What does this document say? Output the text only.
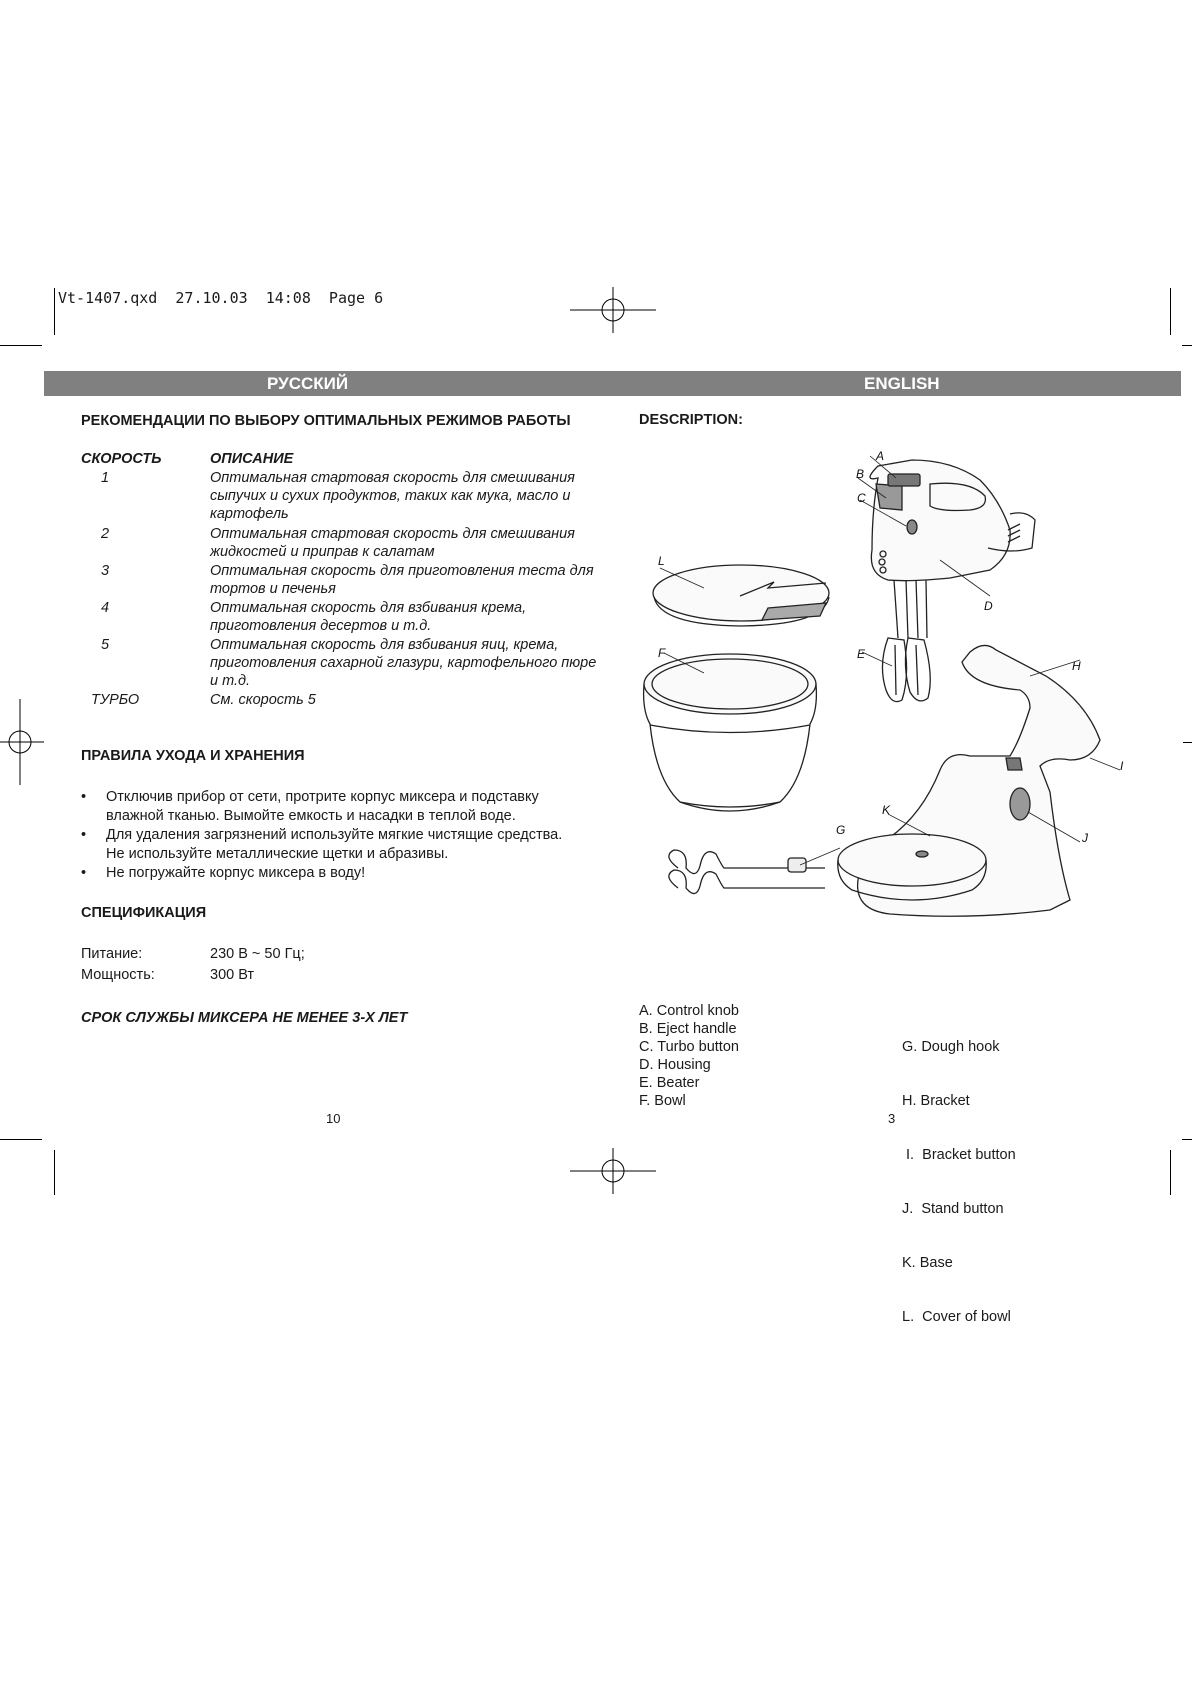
Vt-1407.qxd  27.10.03  14:08  Page 6
РУССКИЙ	ENGLISH
РЕКОМЕНДАЦИИ ПО ВЫБОРУ ОПТИМАЛЬНЫХ РЕЖИМОВ РАБОТЫ
СКОРОСТЬ	ОПИСАНИЕ
1	Оптимальная стартовая скорость для смешивания
сыпучих и сухих продуктов, таких как мука, масло и
картофель
2	Оптимальная стартовая скорость для смешивания
жидкостей и приправ к салатам
3	Оптимальная скорость для приготовления теста для
тортов и печенья
4	Оптимальная скорость для взбивания крема,
приготовления десертов и т.д.
5	Оптимальная скорость для взбивания яиц, крема,
приготовления сахарной глазури, картофельного пюре
и т.д.
ТУРБО	См. скорость 5
ПРАВИЛА УХОДА И ХРАНЕНИЯ
• Отключив прибор от сети, протрите корпус миксера и подставку
влажной тканью. Вымойте емкость и насадки в теплой воде.
• Для удаления загрязнений используйте мягкие чистящие средства.
Не используйте металлические щетки и абразивы.
• Не погружайте корпус миксера в воду!
СПЕЦИФИКАЦИЯ
Питание:	230 В ~ 50 Гц;
Мощность:	300 Вт
СРОК СЛУЖБЫ МИКСЕРА НЕ МЕНЕЕ 3-Х ЛЕТ
10
DESCRIPTION:
A
B
C
D
E
F
G
H
I
J
K
L
A. Control knob
B. Eject handle
C. Turbo button
D. Housing
E. Beater
F. Bowl

G. Dough hook

H. Bracket

I.  Bracket button

J.  Stand button

K. Base

L.  Cover of bowl

3
